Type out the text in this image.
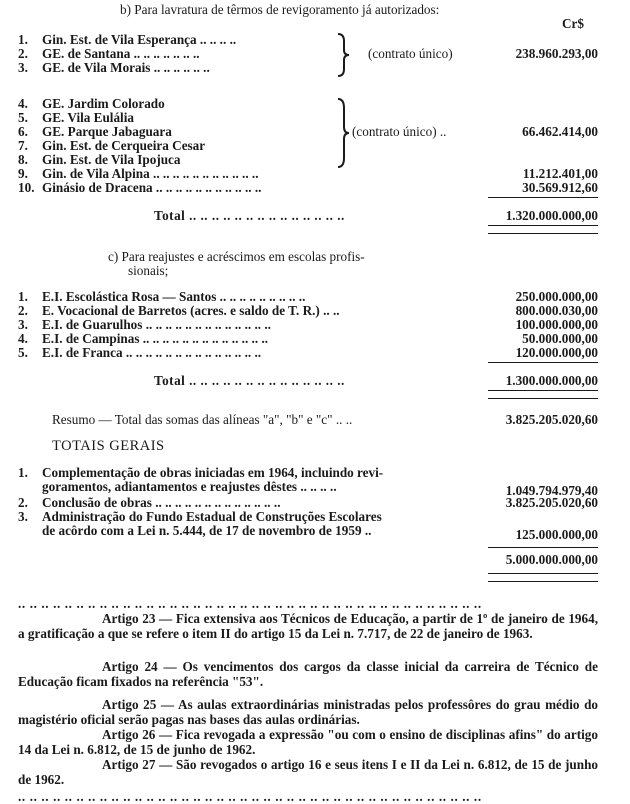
b) Para lavratura de têrmos de revigoramento já autorizados:
Cr$
1. Gin. Est. de Vila Esperança .. .. .. ..
2. GE. de Santana .. .. .. .. .. .. ..
3. GE. de Vila Morais .. .. .. .. .. ..
(contrato único)	238.960.293,00
4. GE. Jardim Colorado
5. GE. Vila Eulália
6. GE. Parque Jabaguara
7. Gin. Est. de Cerqueira Cesar
8. Gin. Est. de Vila Ipojuca
(contrato único) ..	66.462.414,00
9. Gin. de Vila Alpina .. .. .. .. .. .. .. .. .. .. ..	11.212.401,00
10. Ginásio de Dracena .. .. .. .. .. .. .. .. .. .. ..	30.569.912,60
Total .. .. .. .. .. .. .. .. .. .. .. .. .. ..	1.320.000.000,00
c) Para reajustes e acréscimos em escolas profis-
sionais;
1. E.I. Escolástica Rosa — Santos .. .. .. .. .. .. .. .. ..	250.000.000,00
2. E. Vocacional de Barretos (acres. e saldo de T. R.) .. ..	800.000.030,00
3. E.I. de Guarulhos .. .. .. .. .. .. .. .. .. .. .. .. ..	100.000.000,00
4. E.I. de Campinas .. .. .. .. .. .. .. .. .. .. .. .. ..	50.000.000,00
5. E.I. de Franca .. .. .. .. .. .. .. .. .. .. .. .. .. ..	120.000.000,00
Total .. .. .. .. .. .. .. .. .. .. .. .. .. ..	1.300.000.000,00
Resumo — Total das somas das alíneas "a", "b" e "c" .. ..	3.825.205.020,60
TOTAIS GERAIS
1. Complementação de obras iniciadas em 1964, incluindo revi-
goramentos, adiantamentos e reajustes dêstes .. .. .. ..	1.049.794.979,40
2. Conclusão de obras .. .. .. .. .. .. .. .. .. .. .. .. ..	3.825.205.020,60
3. Administração do Fundo Estadual de Construções Escolares
de acôrdo com a Lei n. 5.444, de 17 de novembro de 1959 ..	125.000.000,00
5.000.000.000,00
.. .. .. .. .. .. .. .. .. .. .. .. .. .. .. .. .. .. .. .. .. .. .. .. .. .. .. .. .. .. .. .. .. .. .. .. .. .. .. ..
Artigo 23 — Fica extensiva aos Técnicos de Educação, a partir de 1º de janeiro de 1964, a gratificação a que se refere o item II do artigo 15 da Lei n. 7.717, de 22 de janeiro de 1963.
Artigo 24 — Os vencimentos dos cargos da classe inicial da carreira de Técnico de Educação ficam fixados na referência "53".
Artigo 25 — As aulas extraordinárias ministradas pelos professôres do grau médio do magistério oficial serão pagas nas bases das aulas ordinárias.
Artigo 26 — Fica revogada a expressão "ou com o ensino de disciplinas afins" do artigo 14 da Lei n. 6.812, de 15 de junho de 1962.
Artigo 27 — São revogados o artigo 16 e seus itens I e II da Lei n. 6.812, de 15 de junho de 1962.
.. .. .. .. .. .. .. .. .. .. .. .. .. .. .. .. .. .. .. .. .. .. .. .. .. .. .. .. .. .. .. .. .. .. .. .. .. .. .. ..
